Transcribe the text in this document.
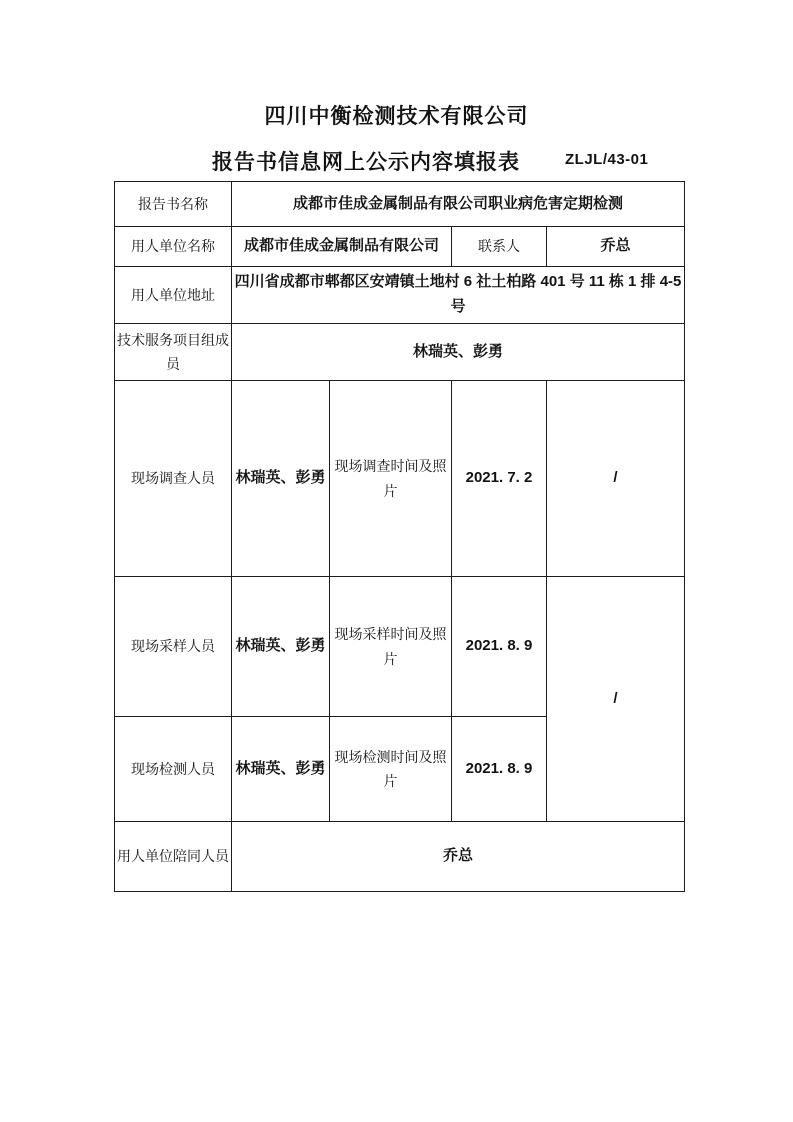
四川中衡检测技术有限公司
报告书信息网上公示内容填报表	ZLJL/43-01
报告书名称	成都市佳成金属制品有限公司职业病危害定期检测			
用人单位名称	成都市佳成金属制品有限公司		联系人	乔总
用人单位地址	四川省成都市郫都区安靖镇土地村 6 社土柏路 401 号 11 栋 1 排 4-5 号			
技术服务项目组成员	林瑞英、彭勇			
现场调查人员	林瑞英、彭勇	现场调查时间及照片	2021. 7. 2	/
现场采样人员	林瑞英、彭勇	现场采样时间及照片	2021. 8. 9	/
现场检测人员	林瑞英、彭勇	现场检测时间及照片	2021. 8. 9	
用人单位陪同人员	乔总			
